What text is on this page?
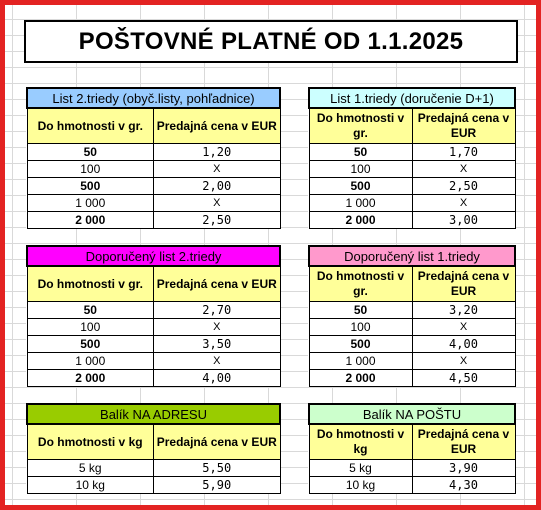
POŠTOVNÉ PLATNÉ OD 1.1.2025
List 2.triedy (obyč.listy, pohľadnice)	
Do hmotnosti v gr.	Predajná cena v EUR
50	1,20
100	X
500	2,00
1 000	X
2 000	2,50
List 1.triedy (doručenie D+1)	
Do hmotnosti v gr.	Predajná cena v EUR
50	1,70
100	X
500	2,50
1 000	X
2 000	3,00
Doporučený list 2.triedy	
Do hmotnosti v gr.	Predajná cena v EUR
50	2,70
100	X
500	3,50
1 000	X
2 000	4,00
Doporučený list 1.triedy	
Do hmotnosti v gr.	Predajná cena v EUR
50	3,20
100	X
500	4,00
1 000	X
2 000	4,50
Balík NA ADRESU	
Do hmotnosti v kg	Predajná cena v EUR
5 kg	5,50
10 kg	5,90
Balík NA POŠTU	
Do hmotnosti v kg	Predajná cena v EUR
5 kg	3,90
10 kg	4,30
